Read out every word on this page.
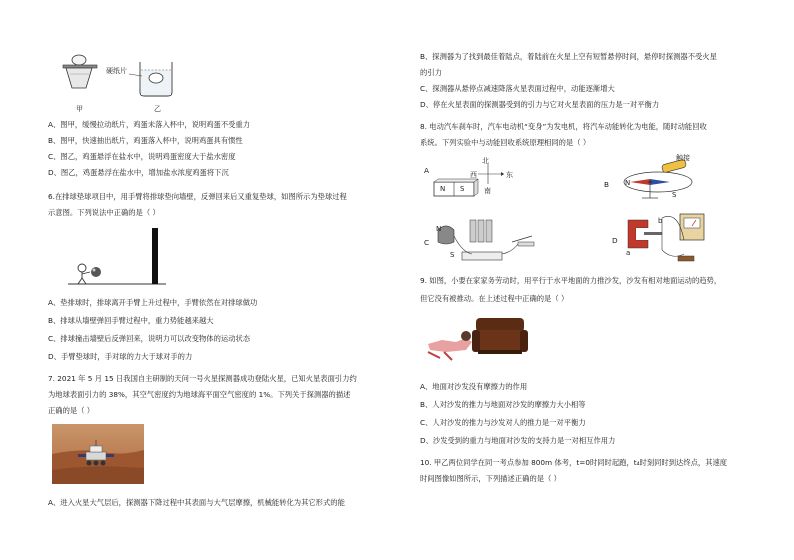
硬纸片
甲	乙
A、图甲，缓慢拉动纸片，鸡蛋未落入杯中，说明鸡蛋不受重力
B、图甲，快速抽出纸片，鸡蛋落入杯中，说明鸡蛋具有惯性
C、图乙，鸡蛋悬浮在盐水中，说明鸡蛋密度大于盐水密度
D、图乙，鸡蛋悬浮在盐水中，增加盐水浓度鸡蛋将下沉
6.在排球垫球项目中，用手臂将排球垫向墙壁，反弹回来后又重复垫球，如图所示为垫球过程
示意图。下列说法中正确的是（ ）
A、垫排球时，排球离开手臂上升过程中，手臂依然在对排球做功
B、排球从墙壁弹回手臂过程中，重力势能越来越大
C、排球撞击墙壁后反弹回来，说明力可以改变物体的运动状态
D、手臂垫球时，手对球的力大于球对手的力
7. 2021 年 5 月 15 日我国自主研制的天问一号火星探测器成功登陆火星，已知火星表面引力约
为地球表面引力的 38%，其空气密度约为地球海平面空气密度的 1%。下列关于探测器的描述
正确的是（ ）
A、进入火星大气层后，探测器下降过程中其表面与大气层摩擦，机械能转化为其它形式的能
B、探测器为了找到最佳着陆点，着陆前在火星上空有短暂悬停时间，悬停时探测器不受火星
的引力
C、探测器从悬停点减速降落火星表面过程中，动能逐渐增大
D、停在火星表面的探测器受到的引力与它对火星表面的压力是一对平衡力
8. 电动汽车刹车时，汽车电动机“变身”为发电机，将汽车动能转化为电能，随时动能回收
系统。下列实验中与动能回收系统原理相同的是（ ）
A
N S
北
西	东
南
B
触接
N
S
C
N
S
D
b
a
9. 如图，小要在家家务劳动时，用平行于水平地面的力推沙发，沙发有相对地面运动的趋势，
但它没有被推动。在上述过程中正确的是（ ）
A、地面对沙发没有摩擦力的作用
B、人对沙发的推力与地面对沙发的摩擦力大小相等
C、人对沙发的推力与沙发对人的推力是一对平衡力
D、沙发受到的重力与地面对沙发的支持力是一对相互作用力
10. 甲乙两位同学在同一考点参加 800m 体考，t=0时同时起跑，t₄时刻同时到达终点，其速度
时间图像如图所示，下列描述正确的是（ ）
